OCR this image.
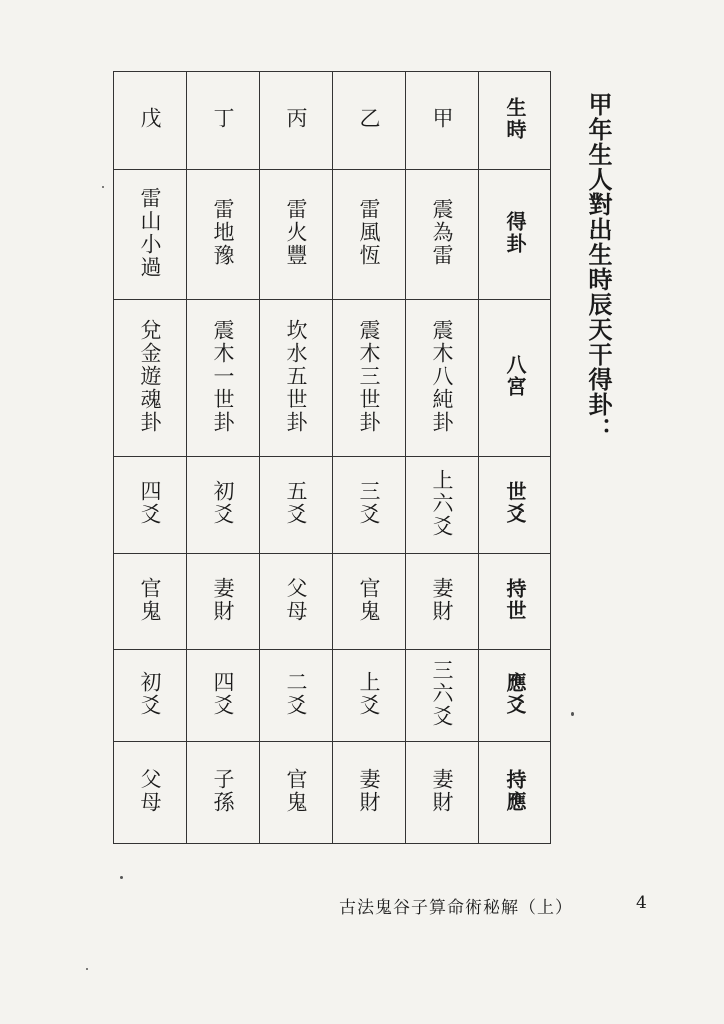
戊	丁	丙	乙	甲	生時
雷山小過	雷地豫	雷火豐	雷風恆	震為雷	得卦
兌金遊魂卦	震木一世卦	坎水五世卦	震木三世卦	震木八純卦	八宮
四爻	初爻	五爻	三爻	上六爻	世爻
官鬼	妻財	父母	官鬼	妻財	持世
初爻	四爻	二爻	上爻	三六爻	應爻
父母	子孫	官鬼	妻財	妻財	持應
甲年生人對出生時辰天干得卦：
古法鬼谷子算命術秘解（上）	4
